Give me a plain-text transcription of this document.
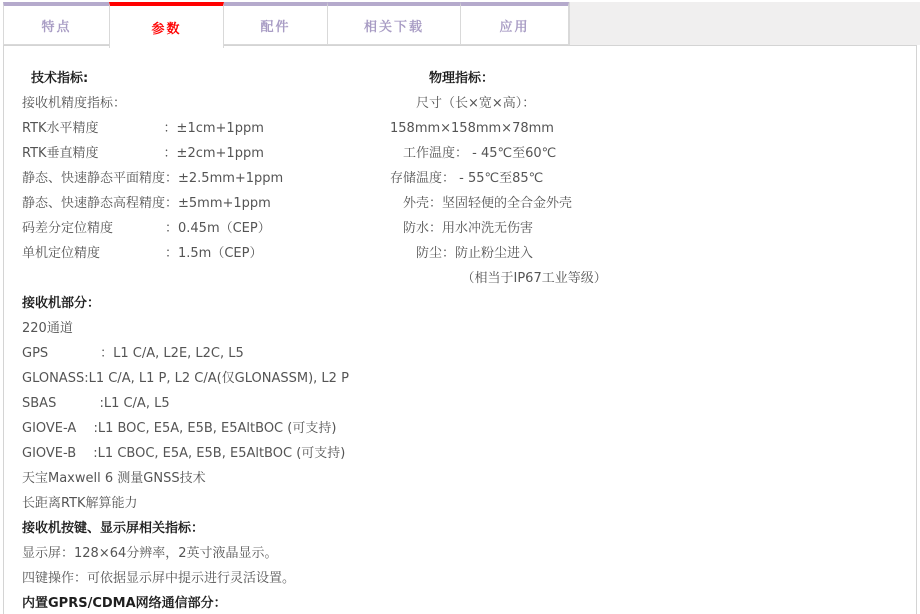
特点	参数	配件	相关下载	应用
技术指标:
接收机精度指标：
RTK水平精度　　　　　：±1cm+1ppm
RTK垂直精度　　　　　：±2cm+1ppm
静态、快速静态平面精度：±2.5mm+1ppm
静态、快速静态高程精度：±5mm+1ppm
码差分定位精度　　　　：0.45m（CEP）
单机定位精度　　　　　：1.5m（CEP）
接收机部分：
220通道
GPS　　　　：L1 C/A, L2E, L2C, L5
GLONASS:L1 C/A, L1 P, L2 C/A(仅GLONASSM), L2 P
SBAS　　　 :L1 C/A, L5
GIOVE-A　 :L1 BOC, E5A, E5B, E5AltBOC (可支持)
GIOVE-B　 :L1 CBOC, E5A, E5B, E5AltBOC (可支持)
天宝Maxwell 6 测量GNSS技术
长距离RTK解算能力
接收机按键、显示屏相关指标：
显示屏：128×64分辨率，2英寸液晶显示。
四键操作：可依据显示屏中提示进行灵活设置。
内置GPRS/CDMA网络通信部分：
　　　物理指标：
　　尺寸（长×宽×高）：
158mm×158mm×78mm
　工作温度： - 45℃至60℃
存储温度： - 55℃至85℃
　外壳：坚固轻便的全合金外壳
　防水：用水冲洗无伤害
　　防尘：防止粉尘进入
　　　　　　（相当于IP67工业等级）
